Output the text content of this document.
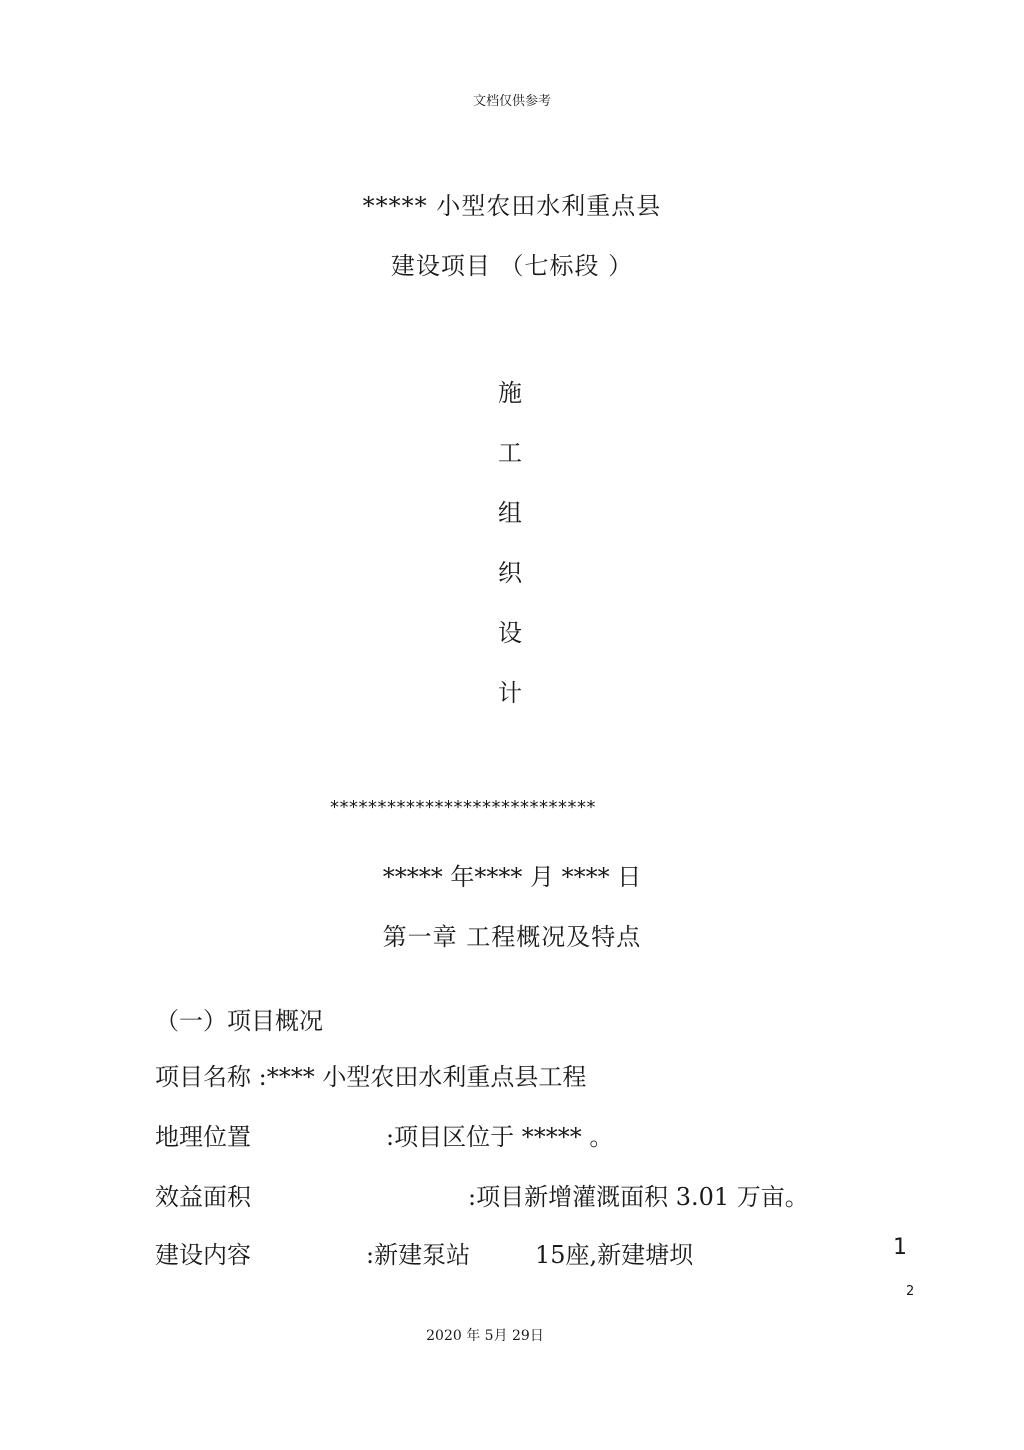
文档仅供参考
***** 小型农田水利重点县
建设项目 （七标段 ）
施
工
组
织
设
计
****************************
***** 年**** 月 **** 日
第一章 工程概况及特点
（一）项目概况
项目名称 :**** 小型农田水利重点县工程
地理位置	:项目区位于 ***** 。
效益面积	:项目新增灌溉面积 3.01 万亩。
建设内容	:新建泵站	15座,新建塘坝	1
2
2020 年 5月 29日
